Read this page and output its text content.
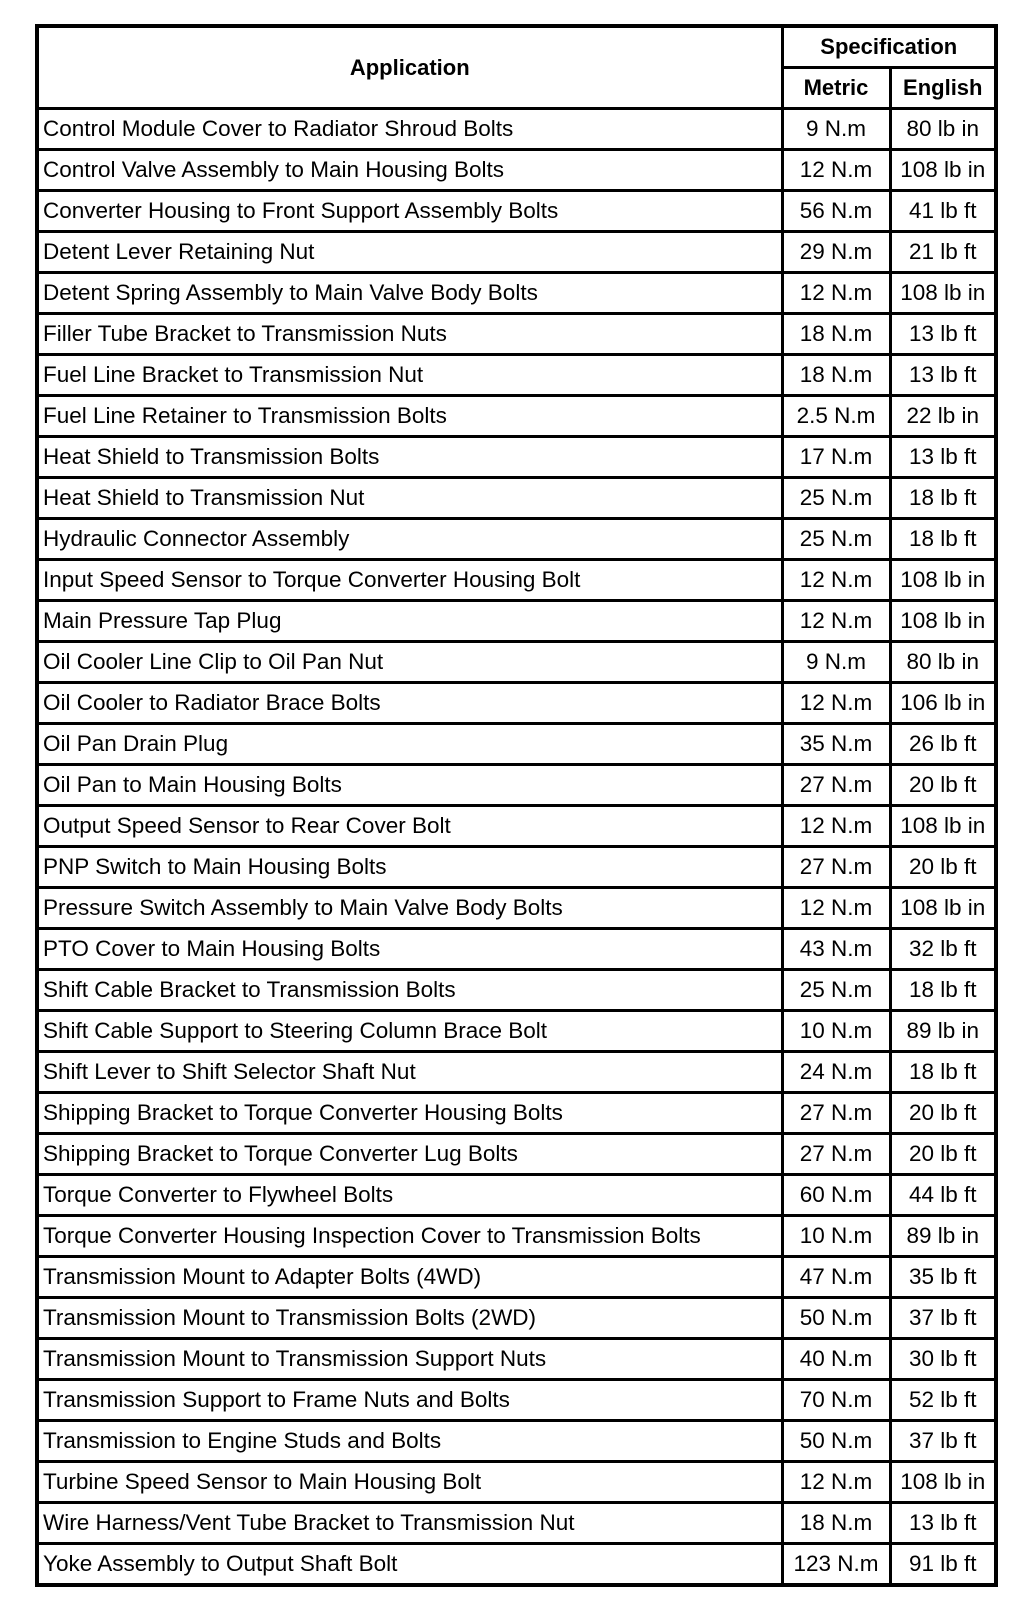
Application	Specification	
	Metric	English
Control Module Cover to Radiator Shroud Bolts	9 N.m	80 lb in
Control Valve Assembly to Main Housing Bolts	12 N.m	108 lb in
Converter Housing to Front Support Assembly Bolts	56 N.m	41 lb ft
Detent Lever Retaining Nut	29 N.m	21 lb ft
Detent Spring Assembly to Main Valve Body Bolts	12 N.m	108 lb in
Filler Tube Bracket to Transmission Nuts	18 N.m	13 lb ft
Fuel Line Bracket to Transmission Nut	18 N.m	13 lb ft
Fuel Line Retainer to Transmission Bolts	2.5 N.m	22 lb in
Heat Shield to Transmission Bolts	17 N.m	13 lb ft
Heat Shield to Transmission Nut	25 N.m	18 lb ft
Hydraulic Connector Assembly	25 N.m	18 lb ft
Input Speed Sensor to Torque Converter Housing Bolt	12 N.m	108 lb in
Main Pressure Tap Plug	12 N.m	108 lb in
Oil Cooler Line Clip to Oil Pan Nut	9 N.m	80 lb in
Oil Cooler to Radiator Brace Bolts	12 N.m	106 lb in
Oil Pan Drain Plug	35 N.m	26 lb ft
Oil Pan to Main Housing Bolts	27 N.m	20 lb ft
Output Speed Sensor to Rear Cover Bolt	12 N.m	108 lb in
PNP Switch to Main Housing Bolts	27 N.m	20 lb ft
Pressure Switch Assembly to Main Valve Body Bolts	12 N.m	108 lb in
PTO Cover to Main Housing Bolts	43 N.m	32 lb ft
Shift Cable Bracket to Transmission Bolts	25 N.m	18 lb ft
Shift Cable Support to Steering Column Brace Bolt	10 N.m	89 lb in
Shift Lever to Shift Selector Shaft Nut	24 N.m	18 lb ft
Shipping Bracket to Torque Converter Housing Bolts	27 N.m	20 lb ft
Shipping Bracket to Torque Converter Lug Bolts	27 N.m	20 lb ft
Torque Converter to Flywheel Bolts	60 N.m	44 lb ft
Torque Converter Housing Inspection Cover to Transmission Bolts	10 N.m	89 lb in
Transmission Mount to Adapter Bolts (4WD)	47 N.m	35 lb ft
Transmission Mount to Transmission Bolts (2WD)	50 N.m	37 lb ft
Transmission Mount to Transmission Support Nuts	40 N.m	30 lb ft
Transmission Support to Frame Nuts and Bolts	70 N.m	52 lb ft
Transmission to Engine Studs and Bolts	50 N.m	37 lb ft
Turbine Speed Sensor to Main Housing Bolt	12 N.m	108 lb in
Wire Harness/Vent Tube Bracket to Transmission Nut	18 N.m	13 lb ft
Yoke Assembly to Output Shaft Bolt	123 N.m	91 lb ft
